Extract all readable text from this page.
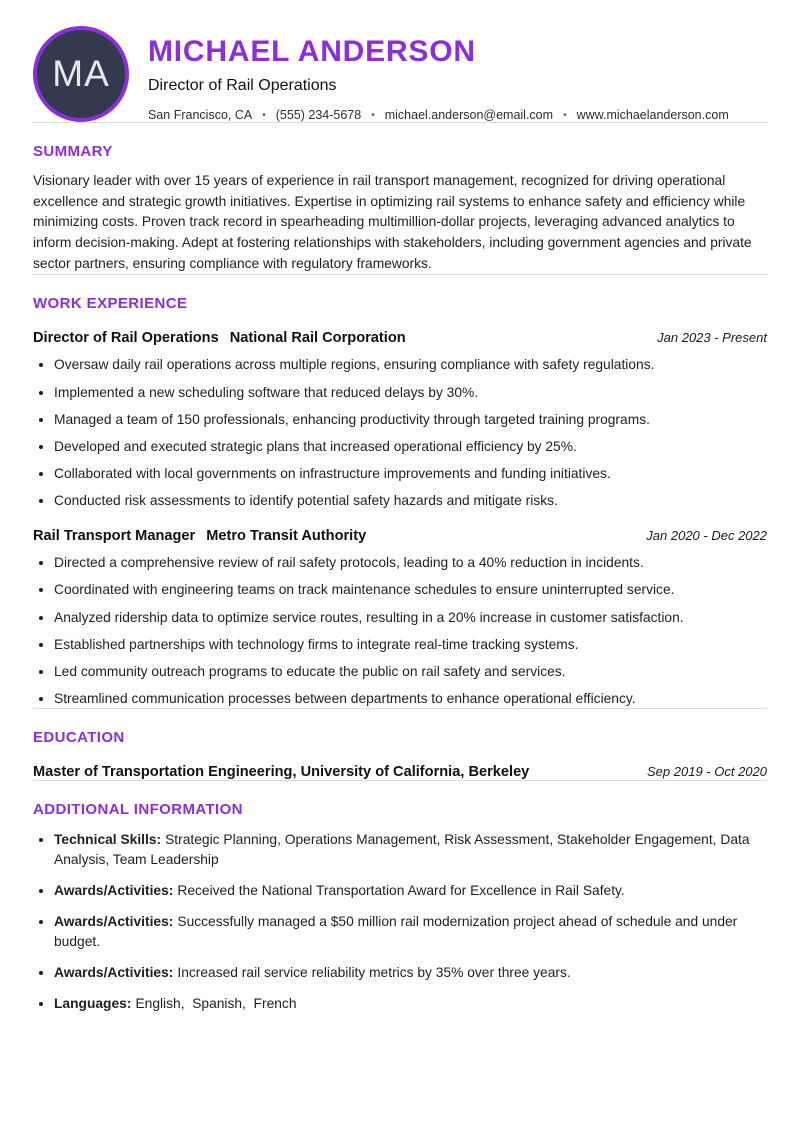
MA
MICHAEL ANDERSON
Director of Rail Operations
San Francisco, CA • (555) 234-5678 • michael.anderson@email.com • www.michaelanderson.com
SUMMARY

Visionary leader with over 15 years of experience in rail transport management, recognized for driving operational excellence and strategic growth initiatives. Expertise in optimizing rail systems to enhance safety and efficiency while minimizing costs. Proven track record in spearheading multimillion-dollar projects, leveraging advanced analytics to inform decision-making. Adept at fostering relationships with stakeholders, including government agencies and private sector partners, ensuring compliance with regulatory frameworks.

WORK EXPERIENCE
Director of Rail Operations National Rail Corporation	Jan 2023 - Present
• Oversaw daily rail operations across multiple regions, ensuring compliance with safety regulations.
• Implemented a new scheduling software that reduced delays by 30%.
• Managed a team of 150 professionals, enhancing productivity through targeted training programs.
• Developed and executed strategic plans that increased operational efficiency by 25%.
• Collaborated with local governments on infrastructure improvements and funding initiatives.
• Conducted risk assessments to identify potential safety hazards and mitigate risks.
Rail Transport Manager Metro Transit Authority	Jan 2020 - Dec 2022
• Directed a comprehensive review of rail safety protocols, leading to a 40% reduction in incidents.
• Coordinated with engineering teams on track maintenance schedules to ensure uninterrupted service.
• Analyzed ridership data to optimize service routes, resulting in a 20% increase in customer satisfaction.
• Established partnerships with technology firms to integrate real-time tracking systems.
• Led community outreach programs to educate the public on rail safety and services.
• Streamlined communication processes between departments to enhance operational efficiency.
EDUCATION
Master of Transportation Engineering, University of California, Berkeley	Sep 2019 - Oct 2020
ADDITIONAL INFORMATION
• Technical Skills: Strategic Planning, Operations Management, Risk Assessment, Stakeholder Engagement, Data Analysis, Team Leadership
• Awards/Activities: Received the National Transportation Award for Excellence in Rail Safety.
• Awards/Activities: Successfully managed a $50 million rail modernization project ahead of schedule and under budget.
• Awards/Activities: Increased rail service reliability metrics by 35% over three years.
• Languages: English,  Spanish,  French
